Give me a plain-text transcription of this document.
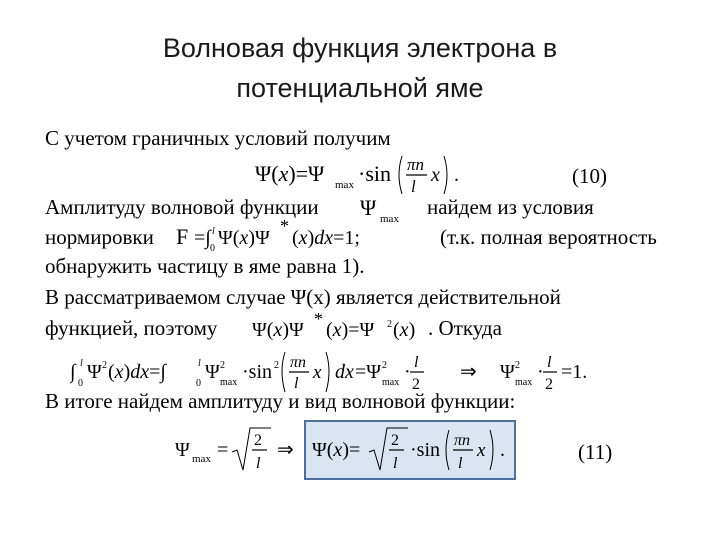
Волновая функция электрона в
потенциальной яме
С учетом граничных условий получим
Ψ(x)=Ψ max ·sin πn
l
x .	(10)
Амплитуду волновой функции Ψ max найдем из условия
нормировки F =∫ l
0 Ψ(x)Ψ
*
(x)dx=1;	(т.к. полная вероятность
обнаружить частицу в яме равна 1).
В рассматриваемом случае Ψ(x) является действительной
функцией, поэтому Ψ(x)Ψ * (x)=Ψ 2 (x) . Откуда
∫ l
0
Ψ 2 (x)dx=∫	l
0
Ψ 2
max ·sin 2 πn
l
x dx =Ψ 2
max · l
2
⇒ Ψ 2
max · l
2
=1.
В итоге найдем амплитуду и вид волновой функции:
Ψ max = 2
l
⇒ Ψ(x)= 2
l
·sin πn
l
x .	(11)
